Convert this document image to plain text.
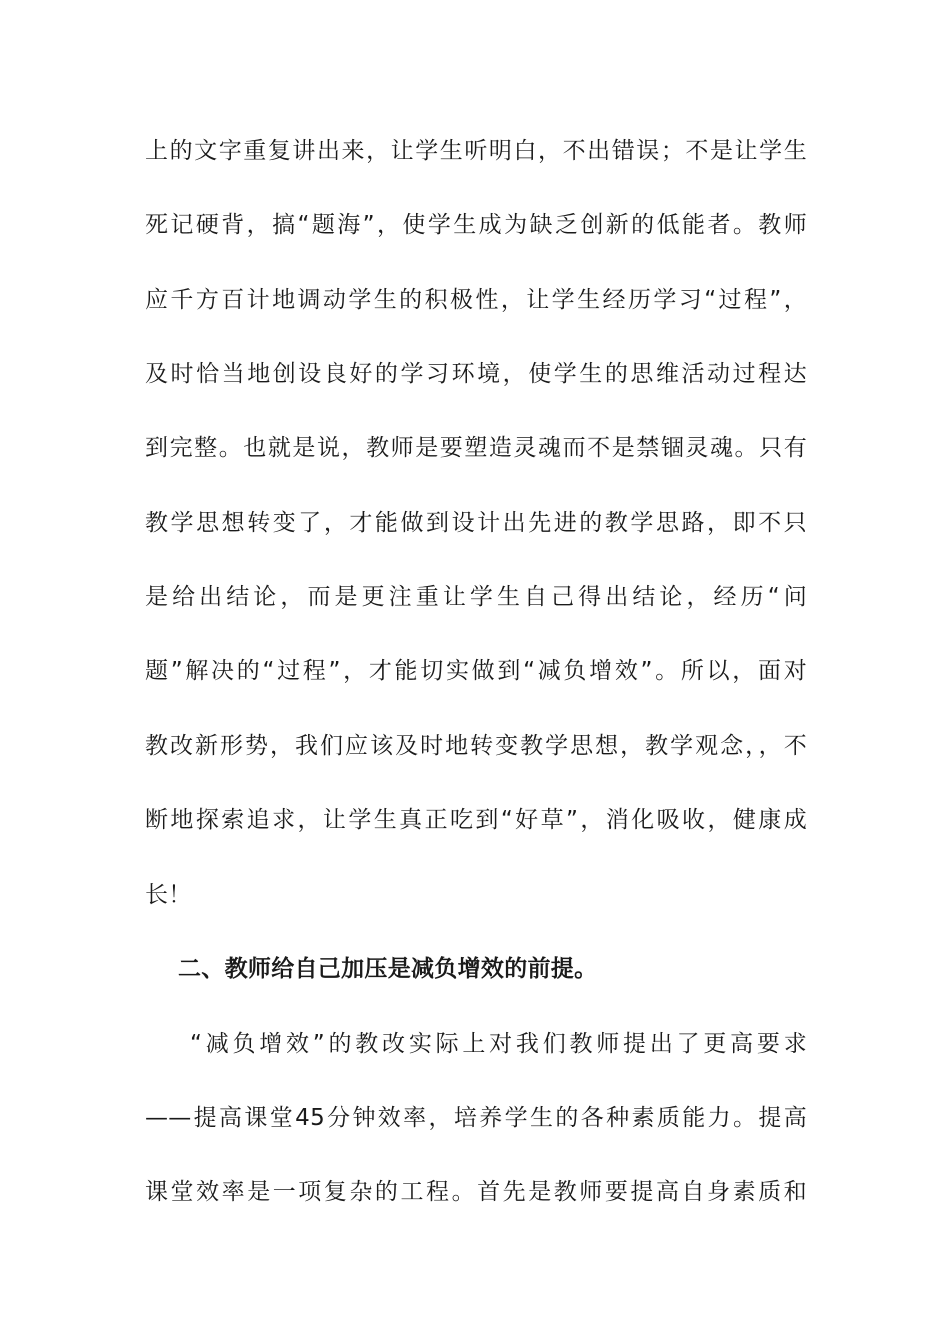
上的文字重复讲出来，让学生听明白，不出错误；不是让学生
死记硬背，搞“题海”，使学生成为缺乏创新的低能者。教师
应千方百计地调动学生的积极性，让学生经历学习“过程”，
及时恰当地创设良好的学习环境，使学生的思维活动过程达
到完整。也就是说，教师是要塑造灵魂而不是禁锢灵魂。只有
教学思想转变了，才能做到设计出先进的教学思路，即不只
是给出结论，而是更注重让学生自己得出结论，经历“问
题”解决的“过程”，才能切实做到“减负增效”。所以，面对
教改新形势，我们应该及时地转变教学思想，教学观念，，不
断地探索追求，让学生真正吃到“好草”，消化吸收，健康成
长！
二、教师给自己加压是减负增效的前提。
“减负增效”的教改实际上对我们教师提出了更高要求
——提高课堂45分钟效率，培养学生的各种素质能力。提高
课堂效率是一项复杂的工程。首先是教师要提高自身素质和
